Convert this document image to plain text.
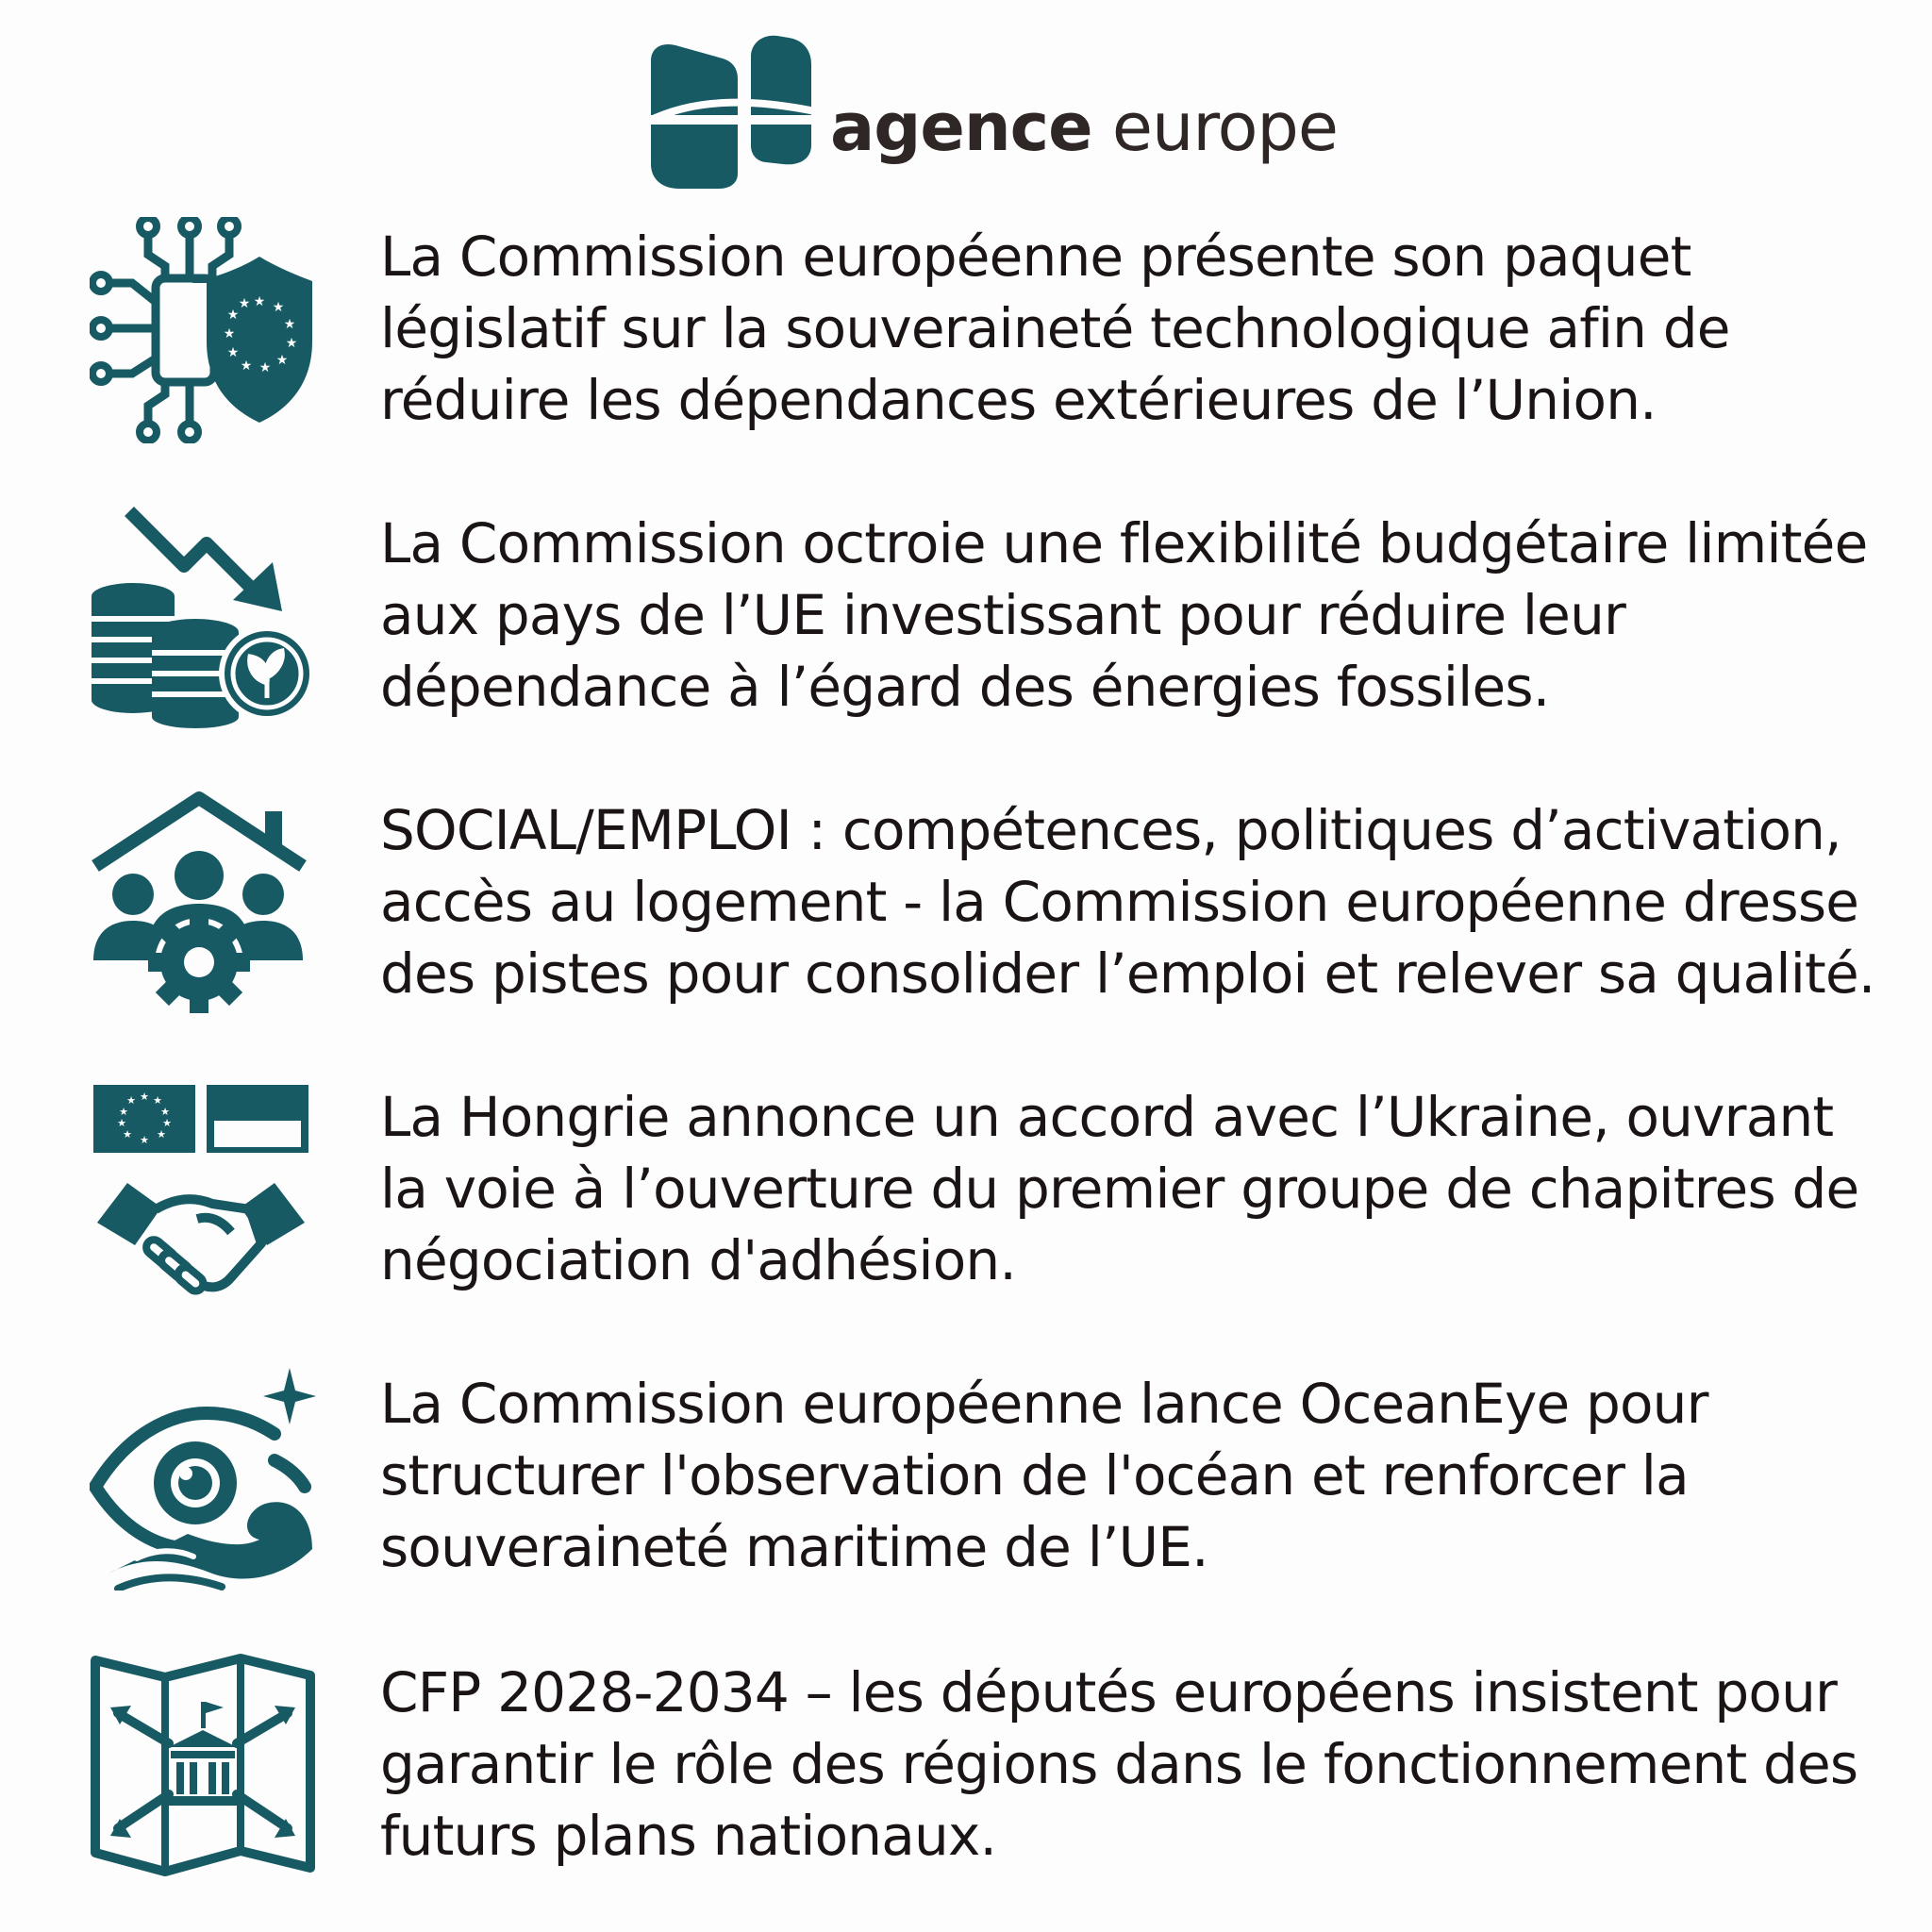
agence europe
★ ★
★
★
★
★
★
★
★
★
★
La Commission européenne présente son paquet
législatif sur la souveraineté technologique afin de
réduire les dépendances extérieures de l’Union.
La Commission octroie une flexibilité budgétaire limitée
aux pays de l’UE investissant pour réduire leur
dépendance à l’égard des énergies fossiles.
SOCIAL/EMPLOI : compétences, politiques d’activation,
accès au logement - la Commission européenne dresse
des pistes pour consolider l’emploi et relever sa qualité.
★ ★
★
★
★
★
★
★
★
★	La Hongrie annonce un accord avec l’Ukraine, ouvrant
la voie à l’ouverture du premier groupe de chapitres de
négociation d'adhésion.
La Commission européenne lance OceanEye pour
structurer l'observation de l'océan et renforcer la
souveraineté maritime de l’UE.
CFP 2028-2034 – les députés européens insistent pour
garantir le rôle des régions dans le fonctionnement des
futurs plans nationaux.
